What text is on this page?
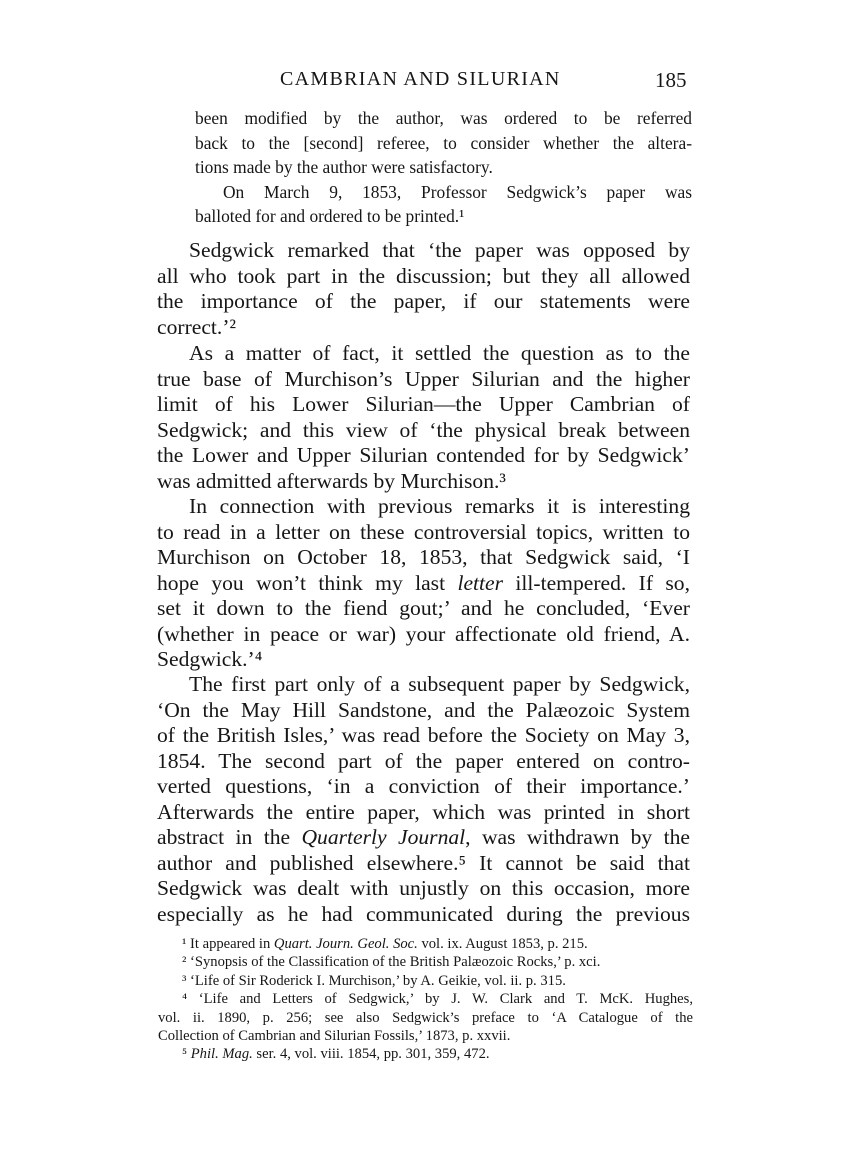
CAMBRIAN AND SILURIAN	185
been modified by the author, was ordered to be referred
back to the [second] referee, to consider whether the altera-
tions made by the author were satisfactory.
On March 9, 1853, Professor Sedgwick’s paper was
balloted for and ordered to be printed.¹
Sedgwick remarked that ‘the paper was opposed by
all who took part in the discussion; but they all allowed
the importance of the paper, if our statements were
correct.’²
As a matter of fact, it settled the question as to the
true base of Murchison’s Upper Silurian and the higher
limit of his Lower Silurian—the Upper Cambrian of
Sedgwick; and this view of ‘the physical break between
the Lower and Upper Silurian contended for by Sedgwick’
was admitted afterwards by Murchison.³
In connection with previous remarks it is interesting
to read in a letter on these controversial topics, written to
Murchison on October 18, 1853, that Sedgwick said, ‘I
hope you won’t think my last letter ill-tempered. If so,
set it down to the fiend gout;’ and he concluded, ‘Ever
(whether in peace or war) your affectionate old friend, A.
Sedgwick.’⁴
The first part only of a subsequent paper by Sedgwick,
‘On the May Hill Sandstone, and the Palæozoic System
of the British Isles,’ was read before the Society on May 3,
1854. The second part of the paper entered on contro-
verted questions, ‘in a conviction of their importance.’
Afterwards the entire paper, which was printed in short
abstract in the Quarterly Journal, was withdrawn by the
author and published elsewhere.⁵ It cannot be said that
Sedgwick was dealt with unjustly on this occasion, more
especially as he had communicated during the previous
¹ It appeared in Quart. Journ. Geol. Soc. vol. ix. August 1853, p. 215.
² ‘Synopsis of the Classification of the British Palæozoic Rocks,’ p. xci.
³ ‘Life of Sir Roderick I. Murchison,’ by A. Geikie, vol. ii. p. 315.
⁴ ‘Life and Letters of Sedgwick,’ by J. W. Clark and T. McK. Hughes,
vol. ii. 1890, p. 256; see also Sedgwick’s preface to ‘A Catalogue of the
Collection of Cambrian and Silurian Fossils,’ 1873, p. xxvii.
⁵ Phil. Mag. ser. 4, vol. viii. 1854, pp. 301, 359, 472.
